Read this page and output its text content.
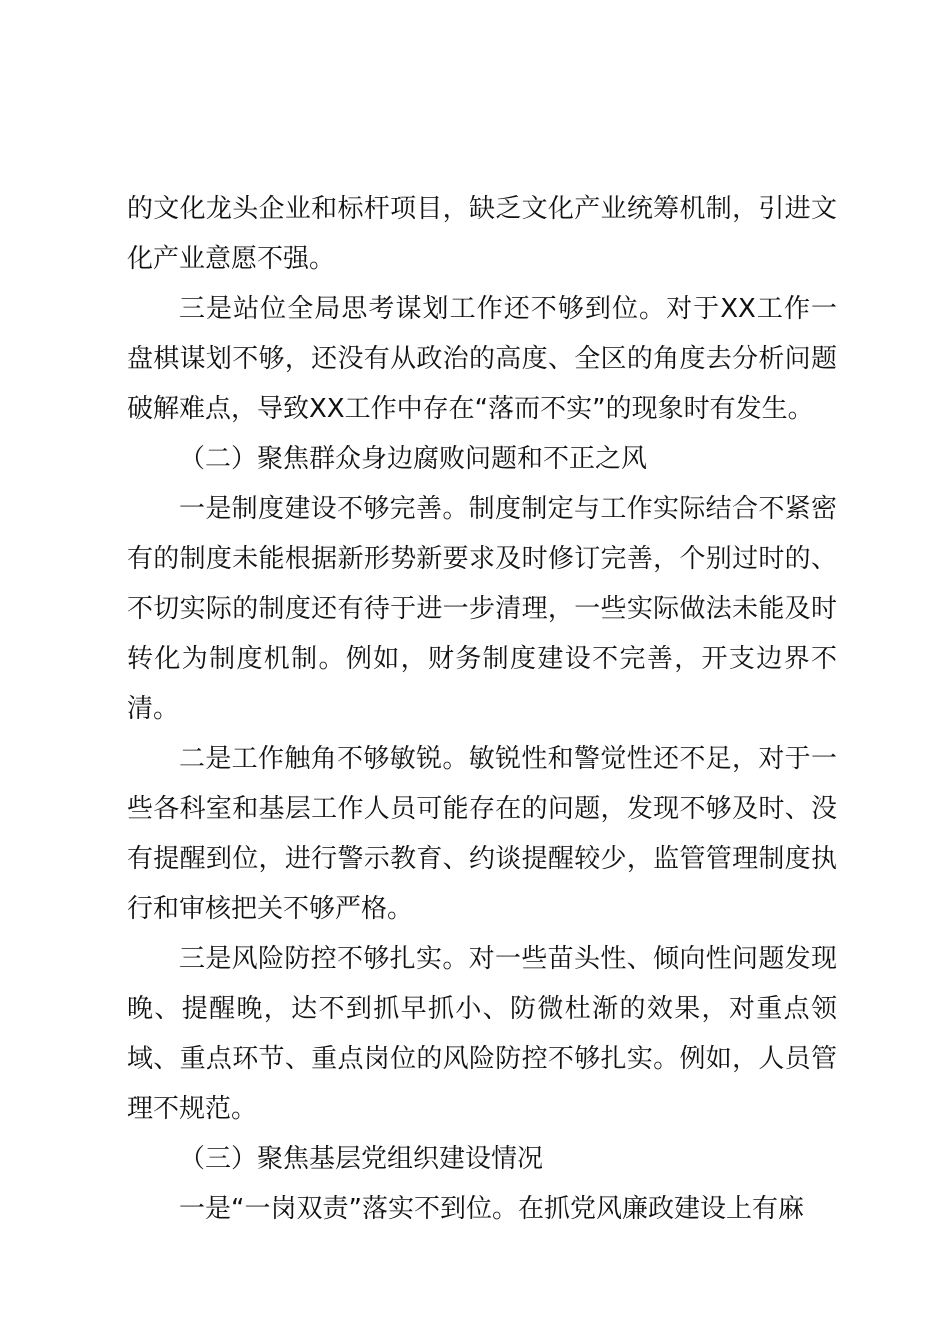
的文化龙头企业和标杆项目，缺乏文化产业统筹机制，引进文化产业意愿不强。

三是站位全局思考谋划工作还不够到位。对于XX工作一盘棋谋划不够，还没有从政治的高度、全区的角度去分析问题破解难点，导致XX工作中存在“落而不实”的现象时有发生。

（二）聚焦群众身边腐败问题和不正之风

一是制度建设不够完善。制度制定与工作实际结合不紧密有的制度未能根据新形势新要求及时修订完善，个别过时的、不切实际的制度还有待于进一步清理，一些实际做法未能及时转化为制度机制。例如，财务制度建设不完善，开支边界不清。

二是工作触角不够敏锐。敏锐性和警觉性还不足，对于一些各科室和基层工作人员可能存在的问题，发现不够及时、没有提醒到位，进行警示教育、约谈提醒较少，监管管理制度执行和审核把关不够严格。

三是风险防控不够扎实。对一些苗头性、倾向性问题发现晚、提醒晚，达不到抓早抓小、防微杜渐的效果，对重点领域、重点环节、重点岗位的风险防控不够扎实。例如，人员管理不规范。

（三）聚焦基层党组织建设情况

一是“一岗双责”落实不到位。在抓党风廉政建设上有麻
